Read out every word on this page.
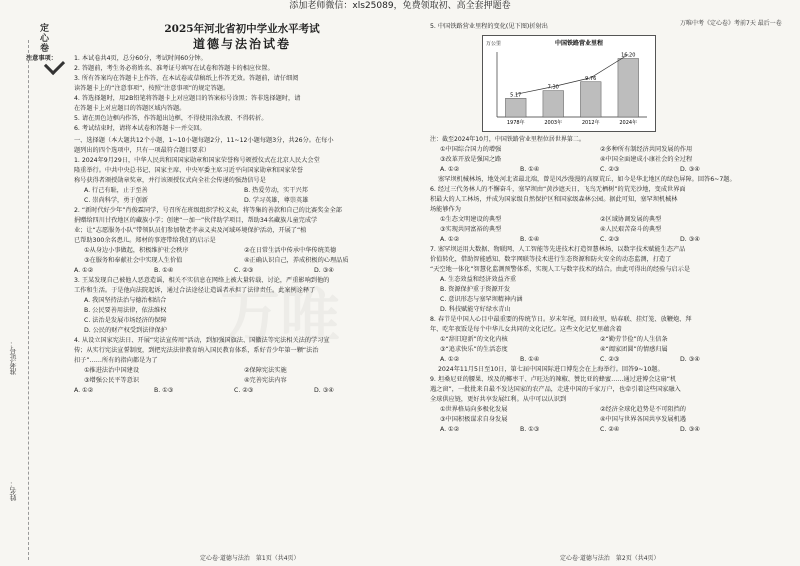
添加老师微信：xls25089，免费领取初、高全套押题卷
万唯中考《定心卷》考前7天 最后一卷
准考证号：
姓名：
定心卷
2025年河北省初中学业水平考试
道德与法治试卷
注意事项：	1. 本试卷共4页，总分60分，考试时间60分钟。
2. 答题前，考生务必将姓名、准考证号填写在试卷和答题卡的相应位置。
3. 所有答案均在答题卡上作答，在本试卷或草稿纸上作答无效。答题前，请仔细阅
读答题卡上的“注意事项”，按照“注意事项”的规定答题。
4. 答选择题时，用2B铅笔将答题卡上对应题目的答案标号涂黑；答非选择题时，请
在答题卡上对应题目的答题区域内答题。
5. 请在黑色边框内作答，作答超出边框，不得使用涂改液、不得转折。
6. 考试结束时，请将本试卷和答题卡一并交回。
一、选择题（本大题共12个小题，1~10小题每题2分，11~12小题每题3分，共26分。在每小
题列出的四个选项中，只有一项最符合题目要求）
1. 2024年9月29日，中华人民共和国国家勋章和国家荣誉称号颁授仪式在北京人民大会堂
隆重举行。中共中央总书记、国家主席、中央军委主席习近平向国家勋章和国家荣誉
称号获得者颁授勋章奖章，并行该颁授仪式向全社会传递的强劲信号是
A. 行己有耻，止于至善	B. 热爱劳动，实干兴邦
C. 崇尚科学，勇于创新	D. 学习英雄，尊崇英雄
2. “新时代好少年”肖俊霖同学，号召所在班级组织学校义卖，将等集的善款和自己的比赛奖金全部
捐赠给四川甘孜地区的藏族小学；创建“一加一”伙伴助学项目，帮助34名藏族儿童完成学
业；让“志愿服务小队”带领队员们参加敬老孝亲义卖及河域环境保护活动，开展了“植
已帮助300余名患儿。郑材的事迹带给我们的启示是
①从身边小事做起，积极维护社会秩序	②在日常生活中传承中华传统美德
③在服务和奉献社会中实现人生价值	④正确认识自己，养成积极的心理品质
A. ①②	B. ①④	C. ②③	D. ③④
3. 王某发现自己被他人恶意造谣，相关不实信息在网络上被大量转载、讨论，严重影响到他的
工作和生活。于是他向法院起诉，通过合法途径让造谣者承担了法律责任。此案例诠释了
A. 我国坚持法治与德治相结合
B. 公民要善用法律，依法维权
C. 法治是发展市场经济的保障
D. 公民的财产权受到法律保护
4. 从设立国家宪法日、开展“宪法宣传周”活动，到加强国旗法、国徽法等宪法相关法的学习宣
传；从实行宪法宣誓制度，到把宪法法律教育纳入国民教育体系，系好青少年第一颗“法治
扣子”……所有的指向都是为了
①推进法治中国建设	②保障宪法实施
③增强公民平等意识	④完善宪法内容
A. ①②	B. ①③	C. ②③	D. ③④
5. 中国铁路营业里程的变化(见下图)折射出
万公里	中国铁路营业里程
5.17
1978年
7.30
2003年
9.76
2012年
16.20
2024年
注：截至2024年10月，中国铁路营业里程位居世界第二。
①中国综合国力的增强	②多种所有制经济共同发展的作用
③改革开放是强国之路	④中国全面建成小康社会的全过程
A. ①②	B. ①④	C. ②③	D. ③④
塞罕坝机械林场，地处河北省最北端，曾是风沙漫漫的高原荒丘，如今是华北地区的绿色屏障。回答6~7题。
6. 经过三代务林人的不懈奋斗，塞罕坝由“黄沙遮天日，飞鸟无栖树”的荒芜沙地，变成世界面
积最大的人工林场，并成为国家级自然保护区和国家级森林公园。据此可知，塞罕坝机械林
场能够作为
①生态文明建设的典型	②区域协调发展的典型
③实现共同富裕的典型	④人民艰苦奋斗的典型
A. ①②	B. ①④	C. ②③	D. ③④
7. 塞罕坝运用大数据、物联网、人工智能等先进技术打造智慧林场，以数字技术赋能生态产品
价值转化，借助智能感知、数字网联等技术进行生态资源和防火安全的动态监测，打造了
“天空地一体化”智慧化监测预警体系，实现人工与数字技术的结合。由此可得出的经验与启示是
A. 生态效益和经济效益齐重
B. 资源保护重于资源开发
C. 意识形态与塞罕坝精神内涵
D. 科技赋能守好绿水青山
8. 春节是中国人心目中最重要的传统节日。岁末年尾，回归故里，贴春联、挂灯笼、放鞭炮、拜
年、吃年夜饭是每个中华儿女共同的文化记忆。这些文化记忆里蕴含着
①“辞旧迎新”的文化内核	②“勤劳节俭”的人生信条
③“追求快乐”的生活态度	④“阖家团圆”的情感归属
A. ①②	B. ①④	C. ②③	D. ③④
2024年11月5日至10日，第七届中国国际进口博览会在上海举行。回答9~10题。
9. 坦桑尼亚的腰果、埃及的椰枣干、卢旺达的辣椒、赞比亚的蜂蜜……通过进博会这扇“机
遇之窗”，一批批来自最不发达国家的农产品，走进中国的千家万户，也牵引着这些国家融入
全球供应链，更好共享发展红利。从中可以认识到
①世界格局向多极化发展	②经济全球化趋势是不可阻挡的
③中国积极谋求自身发展	④中国与世界各国共享发展机遇
A. ①②	B. ①③	C. ②④	D. ③④
定心卷·道德与法治　第1页（共4页）	定心卷·道德与法治　第2页（共4页）
